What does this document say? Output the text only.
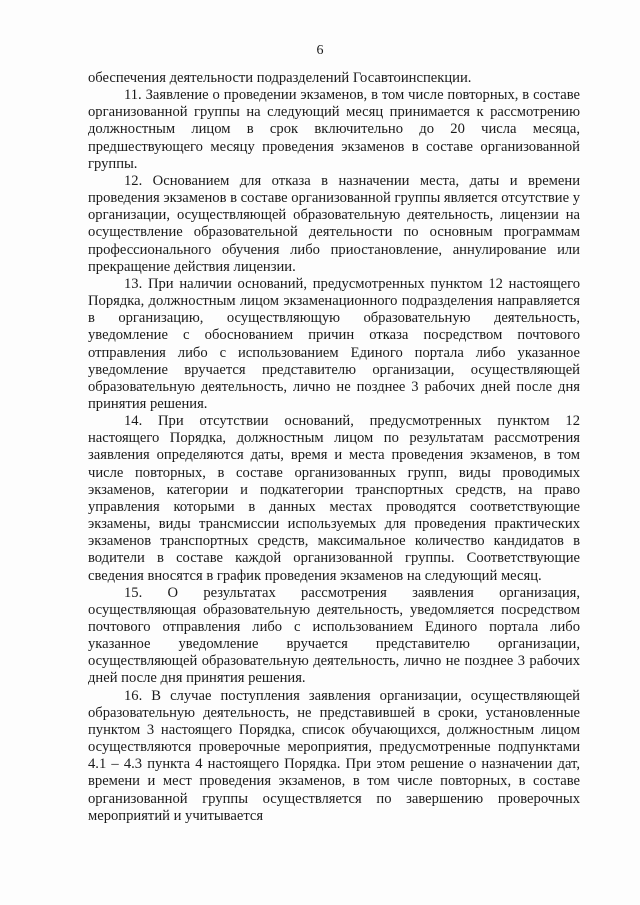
6

обеспечения деятельности подразделений Госавтоинспекции.

11. Заявление о проведении экзаменов, в том числе повторных, в составе организованной группы на следующий месяц принимается к рассмотрению должностным лицом в срок включительно до 20 числа месяца, предшествующего месяцу проведения экзаменов в составе организованной группы.

12. Основанием для отказа в назначении места, даты и времени проведения экзаменов в составе организованной группы является отсутствие у организации, осуществляющей образовательную деятельность, лицензии на осуществление образовательной деятельности по основным программам профессионального обучения либо приостановление, аннулирование или прекращение действия лицензии.

13. При наличии оснований, предусмотренных пунктом 12 настоящего Порядка, должностным лицом экзаменационного подразделения направляется в организацию, осуществляющую образовательную деятельность, уведомление с обоснованием причин отказа посредством почтового отправления либо с использованием Единого портала либо указанное уведомление вручается представителю организации, осуществляющей образовательную деятельность, лично не позднее 3 рабочих дней после дня принятия решения.

14. При отсутствии оснований, предусмотренных пунктом 12 настоящего Порядка, должностным лицом по результатам рассмотрения заявления определяются даты, время и места проведения экзаменов, в том числе повторных, в составе организованных групп, виды проводимых экзаменов, категории и подкатегории транспортных средств, на право управления которыми в данных местах проводятся соответствующие экзамены, виды трансмиссии используемых для проведения практических экзаменов транспортных средств, максимальное количество кандидатов в водители в составе каждой организованной группы. Соответствующие сведения вносятся в график проведения экзаменов на следующий месяц.

15. О результатах рассмотрения заявления организация, осуществляющая образовательную деятельность, уведомляется посредством почтового отправления либо с использованием Единого портала либо указанное уведомление вручается представителю организации, осуществляющей образовательную деятельность, лично не позднее 3 рабочих дней после дня принятия решения.

16. В случае поступления заявления организации, осуществляющей образовательную деятельность, не представившей в сроки, установленные пунктом 3 настоящего Порядка, список обучающихся, должностным лицом осуществляются проверочные мероприятия, предусмотренные подпунктами 4.1 – 4.3 пункта 4 настоящего Порядка. При этом решение о назначении дат, времени и мест проведения экзаменов, в том числе повторных, в составе организованной группы осуществляется по завершению проверочных мероприятий и учитывается
